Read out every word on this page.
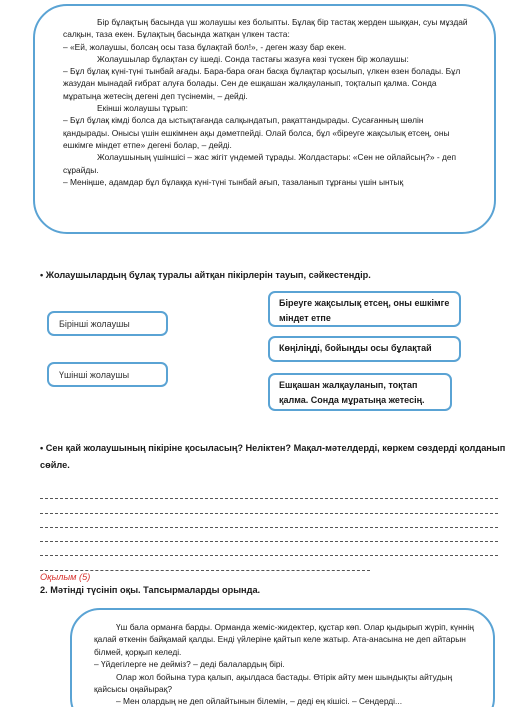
Бір бұлақтың басында үш жолаушы кез болыпты. Бұлақ бір тастақ жерден шыққан, суы мұздай салқын, таза екен. Бұлақтың басында жатқан үлкен таста:

– «Ей, жолаушы, болсаң осы таза бұлақтай бол!», - деген жазу бар екен.

Жолаушылар бұлақтан су ішеді. Сонда тастағы жазуға көзі түскен бір жолаушы:

– Бұл бұлақ күні-түні тынбай ағады. Бара-бара оған басқа бұлақтар қосылып, үлкен өзен болады. Бұл жазудан мынадай ғибрат алуға болады. Сен де ешқашан жалқауланып, тоқталып қалма. Сонда мұратыңа жетесің дегені деп түсінемін, – дейді.

Екінші жолаушы тұрып:

– Бұл бұлақ кімді болса да ыстықтағанда салқындатып, рақаттандырады. Сусағанның шөлін қандырады. Онысы үшін ешкімнен ақы дәметпейді. Олай болса, бұл «біреуге жақсылық етсең, оны ешкімге міндет етпе» дегені болар, – дейді.

Жолаушының үшіншісі – жас жігіт үндемей тұрады. Жолдастары: «Сен не ойлайсың?» - деп сұрайды.

– Меніңше, адамдар бұл бұлаққа күні-түні тынбай ағып, тазаланып тұрғаны үшін ынтық

• Жолаушылардың бұлақ туралы айтқан пікірлерін тауып, сәйкестендір.
Бірінші жолаушы
Үшінші жолаушы
Біреуге жақсылық етсең, оны ешкімге міндет етпе
Көңіліңді, бойыңды осы бұлақтай
Ешқашан жалқауланып, тоқтап қалма. Сонда мұратыңа жетесің.
• Сен қай жолаушының пікіріне қосыласың? Неліктен? Мақал-мәтелдерді, көркем сөздерді қолданып сөйле.
Оқылым (5)
2. Мәтінді түсініп оқы. Тапсырмаларды орында.

Үш бала орманға барды. Орманда жеміс-жидектер, құстар көп. Олар қыдырып жүріп, күннің қалай өткенін байқамай қалды. Енді үйлеріне қайтып келе жатыр. Ата-анасына не деп айтарын білмей, қорқып келеді.

– Үйдегілерге не дейміз? – деді балалардың бірі.

Олар жол бойына тура қалып, ақылдаса бастады. Өтірік айту мен шындықты айтудың қайсысы оңайырақ?

– Мен олардың не деп ойлайтынын білемін, – деді ең кішісі. – Сендерді...
